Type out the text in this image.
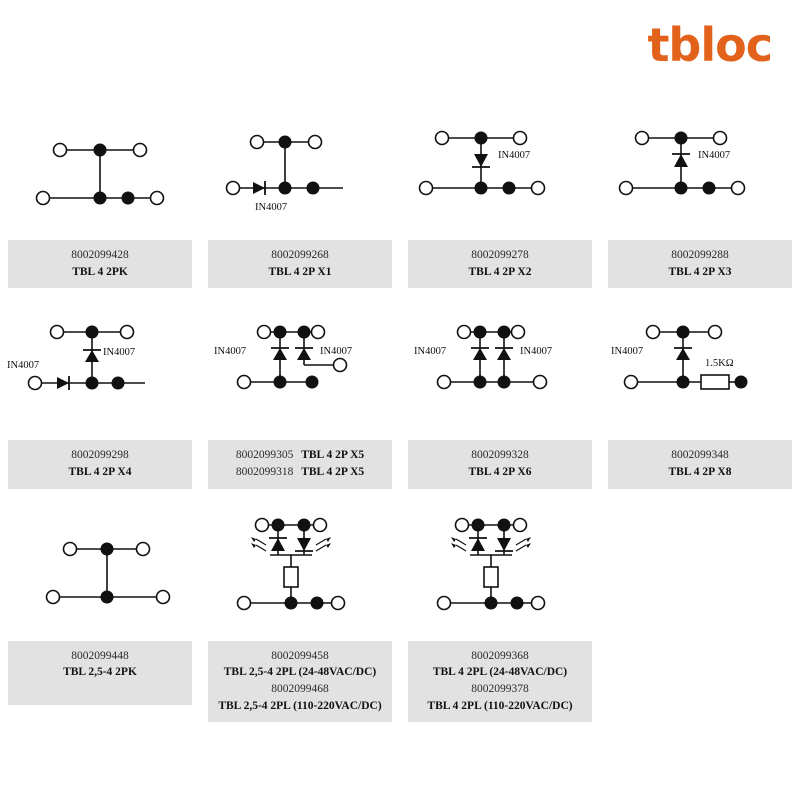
tbloc
8002099428
TBL 4 2PK
IN4007
8002099268
TBL 4 2P X1
IN4007
8002099278
TBL 4 2P X2
IN4007
8002099288
TBL 4 2P X3
IN4007
IN4007
8002099298
TBL 4 2P X4
IN4007	IN4007
8002099305 TBL 4 2P X5
8002099318 TBL 4 2P X5
IN4007	IN4007
8002099328
TBL 4 2P X6
IN4007
1.5KΩ
8002099348
TBL 4 2P X8
8002099448
TBL 2,5-4 2PK
8002099458
TBL 2,5-4 2PL (24-48VAC/DC)
8002099468
TBL 2,5-4 2PL (110-220VAC/DC)
8002099368
TBL 4 2PL (24-48VAC/DC)
8002099378
TBL 4 2PL (110-220VAC/DC)
